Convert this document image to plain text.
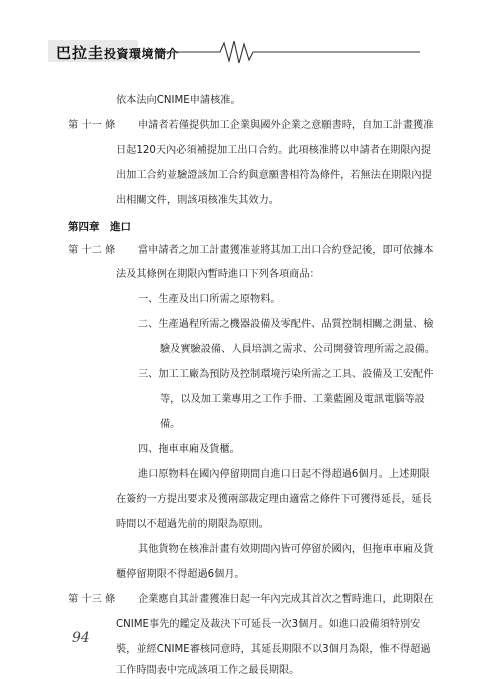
巴拉圭投資環境簡介
依本法向CNIME申請核准。
第 十一 條 申請者若僅提供加工企業與國外企業之意願書時，自加工計畫獲准
日起120天內必須補提加工出口合約。此項核准將以申請者在期限內提
出加工合約並驗證該加工合約與意願書相符為條件，若無法在期限內提
出相關文件，則該項核准失其效力。
第四章　進口
第 十二 條 當申請者之加工計畫獲准並將其加工出口合約登記後，即可依據本
法及其條例在期限內暫時進口下列各項商品：
一、生產及出口所需之原物料。
二、生產過程所需之機器設備及零配件、品質控制相關之測量、檢
驗及實驗設備、人員培訓之需求、公司開發管理所需之設備。
三、加工工廠為預防及控制環境污染所需之工具、設備及工安配件
等，以及加工業專用之工作手冊、工業藍圖及電訊電腦等設
備。
四、拖車車廂及貨櫃。
進口原物料在國內停留期間自進口日起不得超過6個月。上述期限
在簽約一方提出要求及獲兩部裁定理由適當之條件下可獲得延長，延長
時間以不超過先前的期限為原則。
其他貨物在核准計畫有效期間內皆可停留於國內，但拖車車廂及貨
櫃停留期限不得超過6個月。
第 十三 條 企業應自其計畫獲准日起一年內完成其首次之暫時進口，此期限在
CNIME事先的鑑定及裁決下可延長一次3個月。如進口設備須特別安
裝，並經CNIME審核同意時，其延長期限不以3個月為限，惟不得超過
工作時間表中完成該項工作之最長期限。
94
